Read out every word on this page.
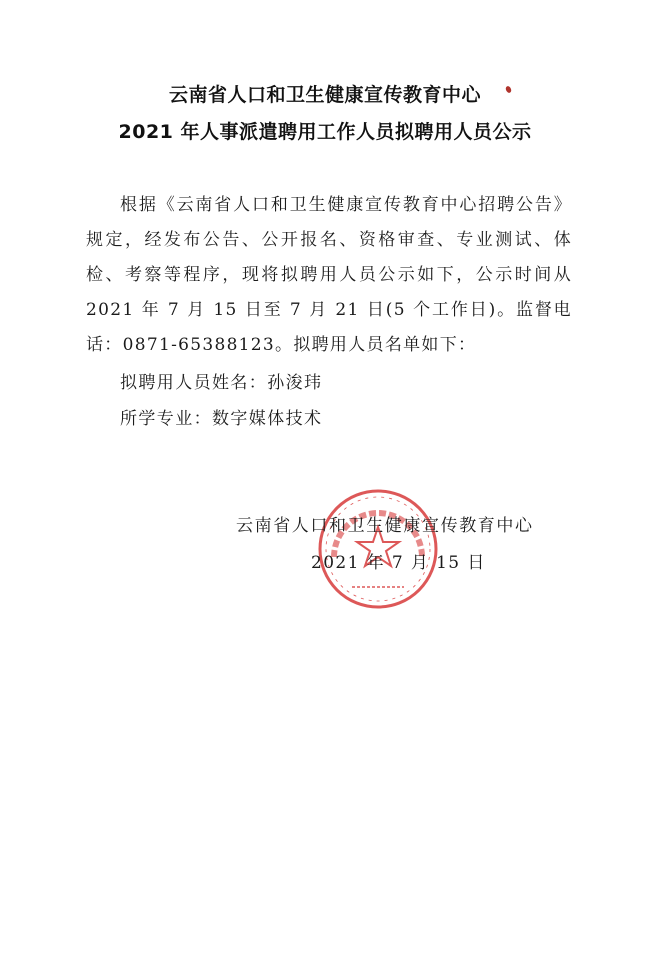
云南省人口和卫生健康宣传教育中心
2021 年人事派遣聘用工作人员拟聘用人员公示
根据《云南省人口和卫生健康宣传教育中心招聘公告》规定，经发布公告、公开报名、资格审查、专业测试、体检、考察等程序，现将拟聘用人员公示如下，公示时间从 2021 年 7 月 15 日至 7 月 21 日(5 个工作日)。监督电话：0871-65388123。拟聘用人员名单如下：
拟聘用人员姓名：孙浚玮
所学专业：数字媒体技术
云南省人口和卫生健康宣传教育中心
2021 年 7 月 15 日
